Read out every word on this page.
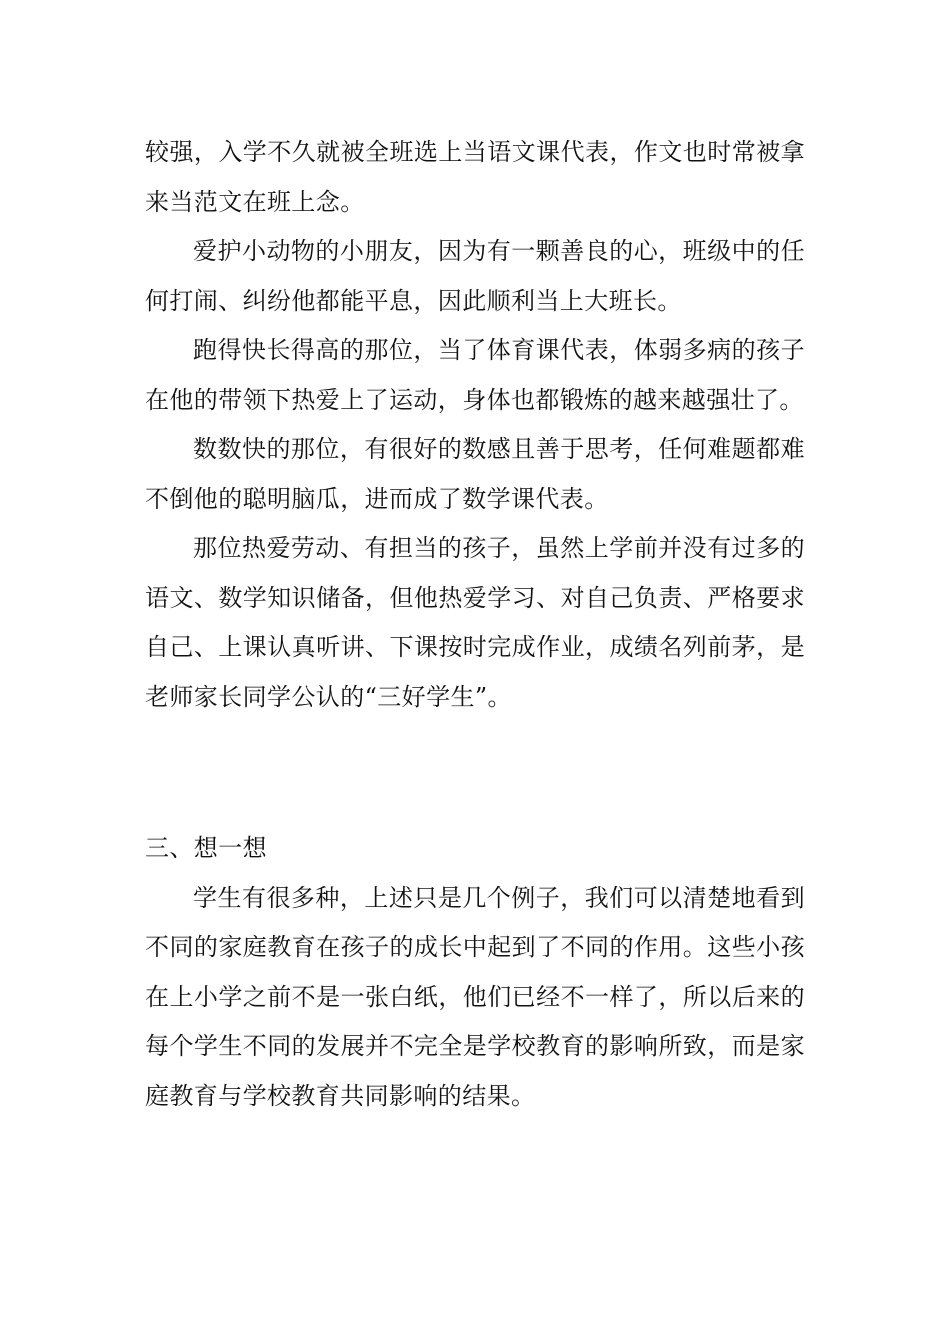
较强，入学不久就被全班选上当语文课代表，作文也时常被拿来当范文在班上念。

爱护小动物的小朋友，因为有一颗善良的心，班级中的任何打闹、纠纷他都能平息，因此顺利当上大班长。

跑得快长得高的那位，当了体育课代表，体弱多病的孩子在他的带领下热爱上了运动，身体也都锻炼的越来越强壮了。

数数快的那位，有很好的数感且善于思考，任何难题都难不倒他的聪明脑瓜，进而成了数学课代表。

那位热爱劳动、有担当的孩子，虽然上学前并没有过多的语文、数学知识储备，但他热爱学习、对自己负责、严格要求自己、上课认真听讲、下课按时完成作业，成绩名列前茅，是老师家长同学公认的“三好学生”。

三、想一想

学生有很多种，上述只是几个例子，我们可以清楚地看到不同的家庭教育在孩子的成长中起到了不同的作用。这些小孩在上小学之前不是一张白纸，他们已经不一样了，所以后来的每个学生不同的发展并不完全是学校教育的影响所致，而是家庭教育与学校教育共同影响的结果。
